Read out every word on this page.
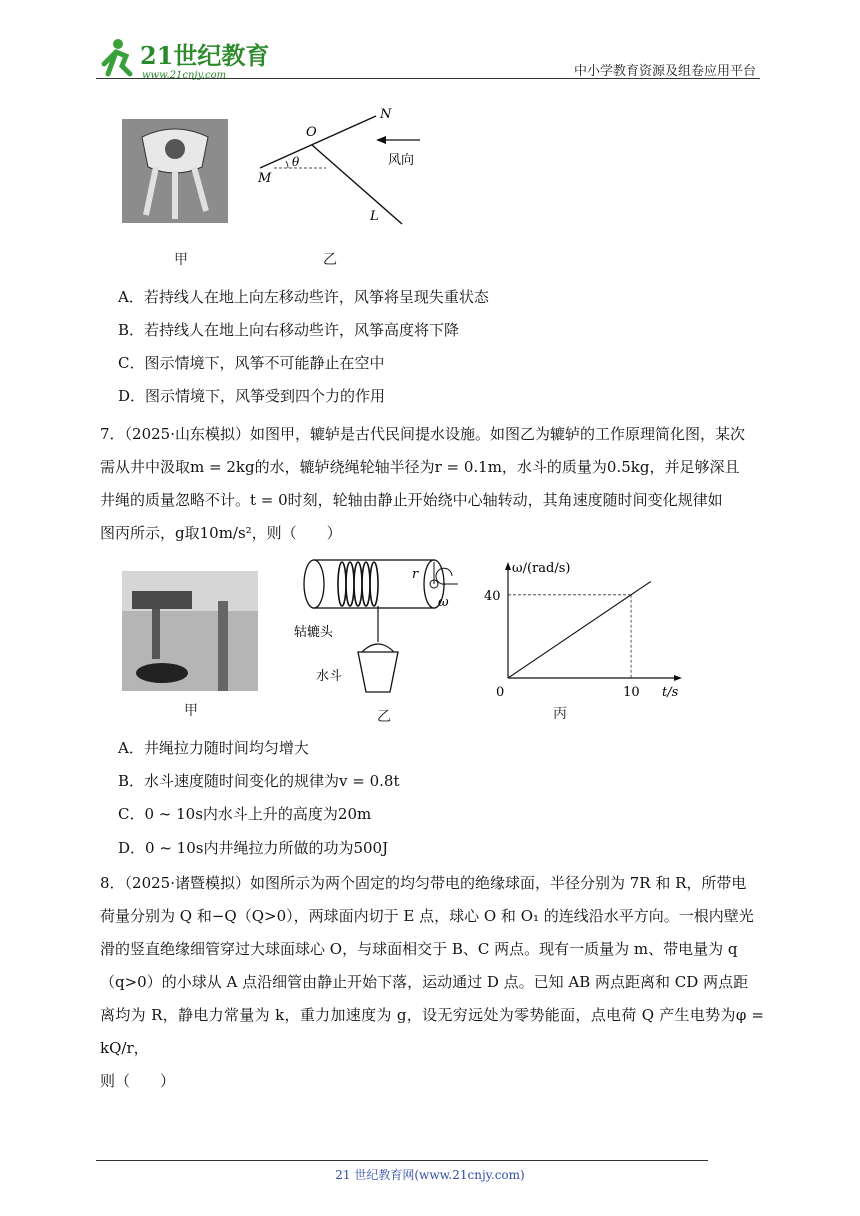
21世纪教育
www.21cnjy.com	中小学教育资源及组卷应用平台
甲
O
N
M
L
θ	风向
乙
A．若持线人在地上向左移动些许，风筝将呈现失重状态
B．若持线人在地上向右移动些许，风筝高度将下降
C．图示情境下，风筝不可能静止在空中
D．图示情境下，风筝受到四个力的作用

7．（2025·山东模拟）如图甲，辘轳是古代民间提水设施。如图乙为辘轳的工作原理简化图，某次

需从井中汲取m = 2kg的水，辘轳绕绳轮轴半径为r = 0.1m，水斗的质量为0.5kg，并足够深且

井绳的质量忽略不计。t = 0时刻，轮轴由静止开始绕中心轴转动，其角速度随时间变化规律如

图丙所示，g取10m/s²，则（　　）

甲
r
ω
轱辘头
水斗
乙
ω/(rad/s)
t/s
0	10
40
丙
A．井绳拉力随时间均匀增大
B．水斗速度随时间变化的规律为v = 0.8t
C．0 ~ 10s内水斗上升的高度为20m
D．0 ~ 10s内井绳拉力所做的功为500J

8．（2025·诸暨模拟）如图所示为两个固定的均匀带电的绝缘球面，半径分别为 7R 和 R，所带电

荷量分别为 Q 和−Q（Q>0），两球面内切于 E 点，球心 O 和 O₁ 的连线沿水平方向。一根内壁光

滑的竖直绝缘细管穿过大球面球心 O，与球面相交于 B、C 两点。现有一质量为 m、带电量为 q

（q>0）的小球从 A 点沿细管由静止开始下落，运动通过 D 点。已知 AB 两点距离和 CD 两点距

离均为 R，静电力常量为 k，重力加速度为 g，设无穷远处为零势能面，点电荷 Q 产生电势为φ = kQ/r，

则（　　）

21 世纪教育网(www.21cnjy.com)
